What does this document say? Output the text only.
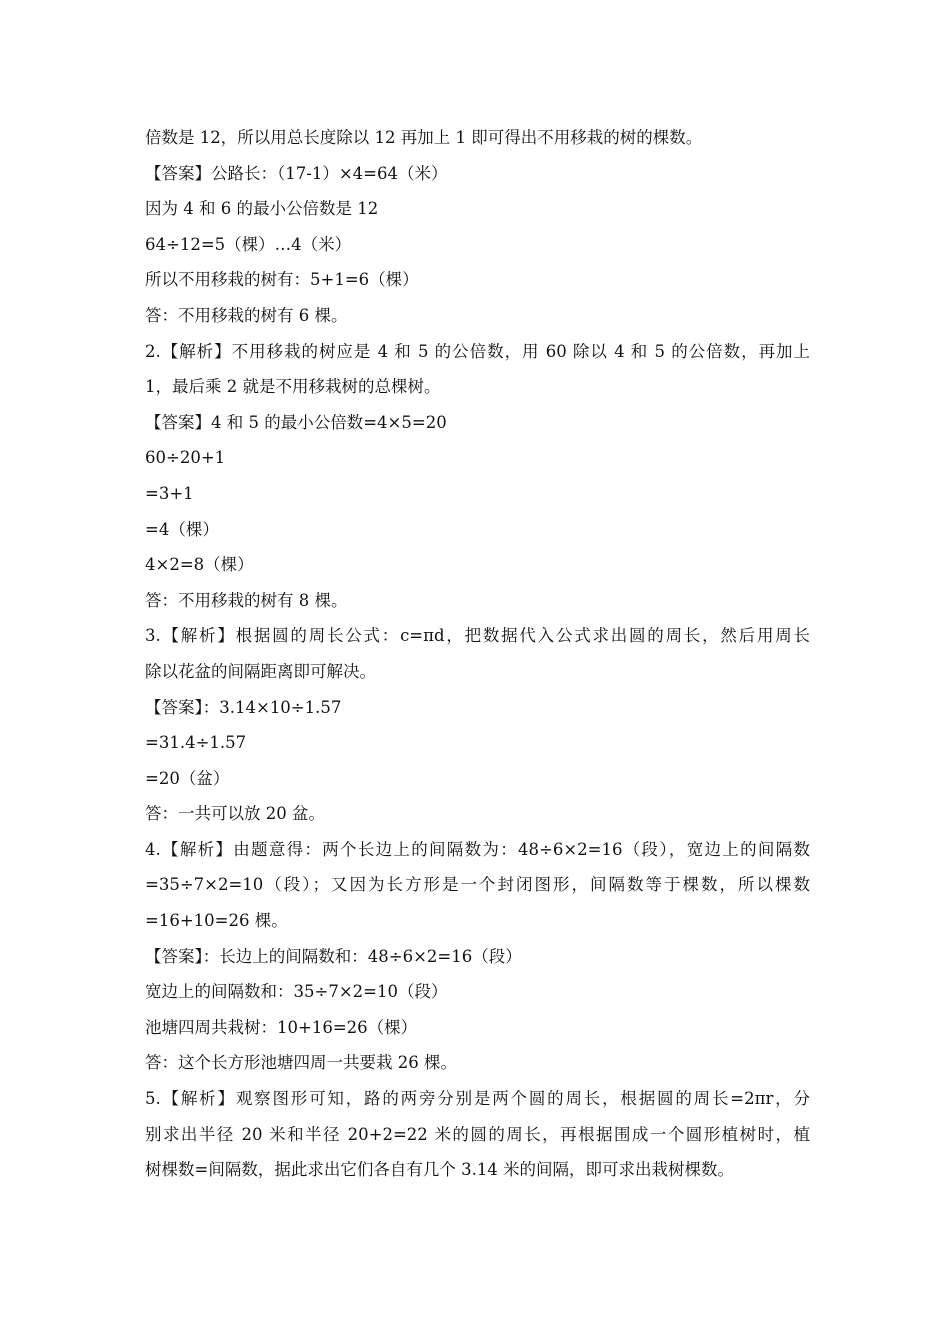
倍数是 12，所以用总长度除以 12 再加上 1 即可得出不用移栽的树的棵数。
【答案】公路长：（17-1）×4=64（米）
因为 4 和 6 的最小公倍数是 12
64÷12=5（棵）…4（米）
所以不用移栽的树有：5+1=6（棵）
答：不用移栽的树有 6 棵。
2.【解析】不用移栽的树应是 4 和 5 的公倍数，用 60 除以 4 和 5 的公倍数，再加上
1，最后乘 2 就是不用移栽树的总棵树。
【答案】4 和 5 的最小公倍数=4×5=20
60÷20+1
=3+1
=4（棵）
4×2=8（棵）
答：不用移栽的树有 8 棵。
3.【解析】根据圆的周长公式：c=πd，把数据代入公式求出圆的周长，然后用周长
除以花盆的间隔距离即可解决。
【答案】：3.14×10÷1.57
=31.4÷1.57
=20（盆）
答：一共可以放 20 盆。
4.【解析】由题意得：两个长边上的间隔数为：48÷6×2=16（段），宽边上的间隔数
=35÷7×2=10（段）；又因为长方形是一个封闭图形，间隔数等于棵数，所以棵数
=16+10=26 棵。
【答案】：长边上的间隔数和：48÷6×2=16（段）
宽边上的间隔数和：35÷7×2=10（段）
池塘四周共栽树：10+16=26（棵）
答：这个长方形池塘四周一共要栽 26 棵。
5.【解析】观察图形可知，路的两旁分别是两个圆的周长，根据圆的周长=2πr，分
别求出半径 20 米和半径 20+2=22 米的圆的周长，再根据围成一个圆形植树时，植
树棵数=间隔数，据此求出它们各自有几个 3.14 米的间隔，即可求出栽树棵数。
